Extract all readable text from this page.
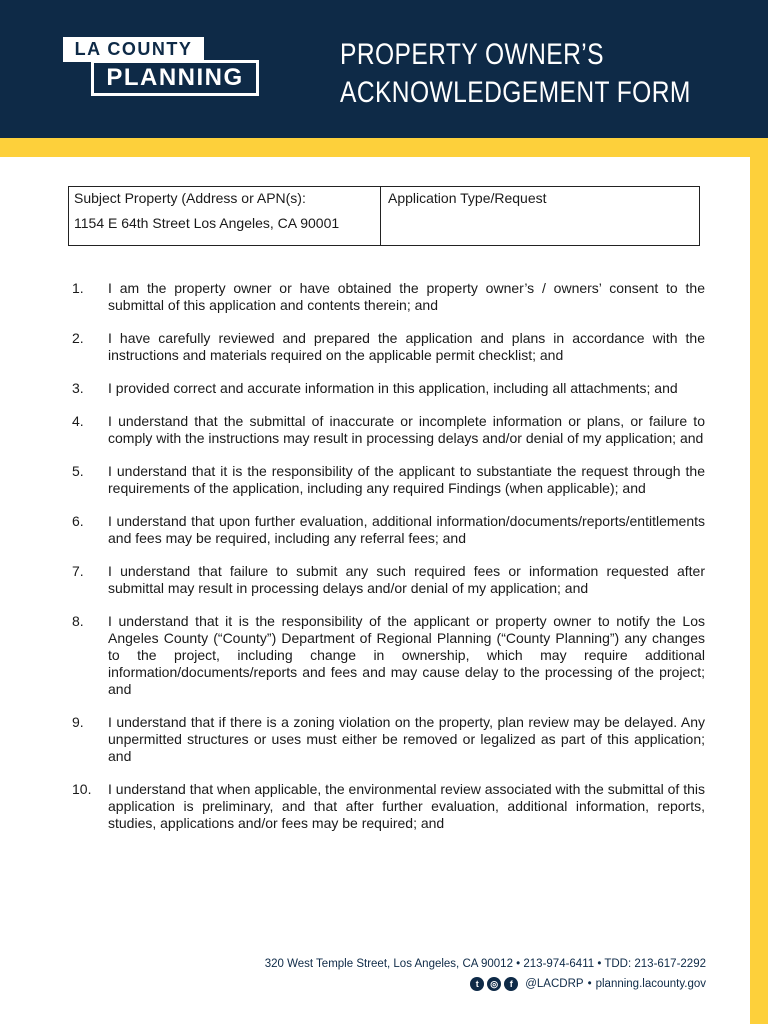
LA COUNTY
PLANNING
PROPERTY OWNER’S
ACKNOWLEDGEMENT FORM
Subject Property (Address or APN(s):
1154 E 64th Street Los Angeles, CA 90001
Application Type/Request
1.	I am the property owner or have obtained the property owner’s / owners’ consent to the submittal of this application and contents therein; and
2.	I have carefully reviewed and prepared the application and plans in accordance with the instructions and materials required on the applicable permit checklist; and
3.	I provided correct and accurate information in this application, including all attachments; and
4.	I understand that the submittal of inaccurate or incomplete information or plans, or failure to comply with the instructions may result in processing delays and/or denial of my application; and
5.	I understand that it is the responsibility of the applicant to substantiate the request through the requirements of the application, including any required Findings (when applicable); and
6.	I understand that upon further evaluation, additional information/documents/reports/entitlements and fees may be required, including any referral fees; and
7.	I understand that failure to submit any such required fees or information requested after submittal may result in processing delays and/or denial of my application; and
8.	I understand that it is the responsibility of the applicant or property owner to notify the Los Angeles County (“County”) Department of Regional Planning (“County Planning”) any changes to the project, including change in ownership, which may require additional information/documents/reports and fees and may cause delay to the processing of the project; and
9.	I understand that if there is a zoning violation on the property, plan review may be delayed. Any unpermitted structures or uses must either be removed or legalized as part of this application; and
10.	I understand that when applicable, the environmental review associated with the submittal of this application is preliminary, and that after further evaluation, additional information, reports, studies, applications and/or fees may be required; and
320 West Temple Street, Los Angeles, CA 90012 • 213-974-6411 • TDD: 213-617-2292
t	◎	f	@LACDRP • planning.lacounty.gov
